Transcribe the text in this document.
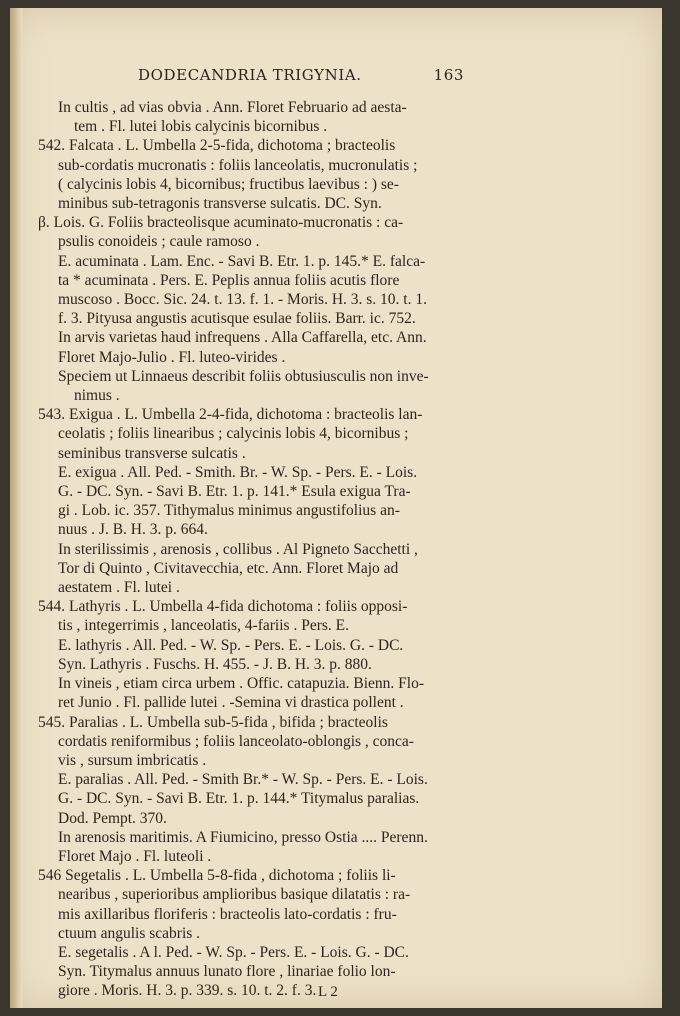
DODECANDRIA TRIGYNIA.	163
In cultis , ad vias obvia . Ann. Floret Februario ad aesta-
tem . Fl. lutei lobis calycinis bicornibus .
542. Falcata . L. Umbella 2-5-fida, dichotoma ; bracteolis
sub-cordatis mucronatis : foliis lanceolatis, mucronulatis ;
( calycinis lobis 4, bicornibus; fructibus laevibus : ) se-
minibus sub-tetragonis transverse sulcatis. DC. Syn.
β. Lois. G. Foliis bracteolisque acuminato-mucronatis : ca-
psulis conoideis ; caule ramoso .
E. acuminata . Lam. Enc. - Savi B. Etr. 1. p. 145.* E. falca-
ta * acuminata . Pers. E. Peplis annua foliis acutis flore
muscoso . Bocc. Sic. 24. t. 13. f. 1. - Moris. H. 3. s. 10. t. 1.
f. 3. Pityusa angustis acutisque esulae foliis. Barr. ic. 752.
In arvis varietas haud infrequens . Alla Caffarella, etc. Ann.
Floret Majo-Julio . Fl. luteo-virides .
Speciem ut Linnaeus describit foliis obtusiusculis non inve-
nimus .
543. Exigua . L. Umbella 2-4-fida, dichotoma : bracteolis lan-
ceolatis ; foliis linearibus ; calycinis lobis 4, bicornibus ;
seminibus transverse sulcatis .
E. exigua . All. Ped. - Smith. Br. - W. Sp. - Pers. E. - Lois.
G. - DC. Syn. - Savi B. Etr. 1. p. 141.* Esula exigua Tra-
gi . Lob. ic. 357. Tithymalus minimus angustifolius an-
nuus . J. B. H. 3. p. 664.
In sterilissimis , arenosis , collibus . Al Pigneto Sacchetti ,
Tor di Quinto , Civitavecchia, etc. Ann. Floret Majo ad
aestatem . Fl. lutei .
544. Lathyris . L. Umbella 4-fida dichotoma : foliis opposi-
tis , integerrimis , lanceolatis, 4-fariis . Pers. E.
E. lathyris . All. Ped. - W. Sp. - Pers. E. - Lois. G. - DC.
Syn. Lathyris . Fuschs. H. 455. - J. B. H. 3. p. 880.
In vineis , etiam circa urbem . Offic. catapuzia. Bienn. Flo-
ret Junio . Fl. pallide lutei . -Semina vi drastica pollent .
545. Paralias . L. Umbella sub-5-fida , bifida ; bracteolis
cordatis reniformibus ; foliis lanceolato-oblongis , conca-
vis , sursum imbricatis .
E. paralias . All. Ped. - Smith Br.* - W. Sp. - Pers. E. - Lois.
G. - DC. Syn. - Savi B. Etr. 1. p. 144.* Titymalus paralias.
Dod. Pempt. 370.
In arenosis maritimis. A Fiumicino, presso Ostia .... Perenn.
Floret Majo . Fl. luteoli .
546 Segetalis . L. Umbella 5-8-fida , dichotoma ; foliis li-
nearibus , superioribus amplioribus basique dilatatis : ra-
mis axillaribus floriferis : bracteolis lato-cordatis : fru-
ctuum angulis scabris .
E. segetalis . A l. Ped. - W. Sp. - Pers. E. - Lois. G. - DC.
Syn. Titymalus annuus lunato flore , linariae folio lon-
giore . Moris. H. 3. p. 339. s. 10. t. 2. f. 3. L 2
